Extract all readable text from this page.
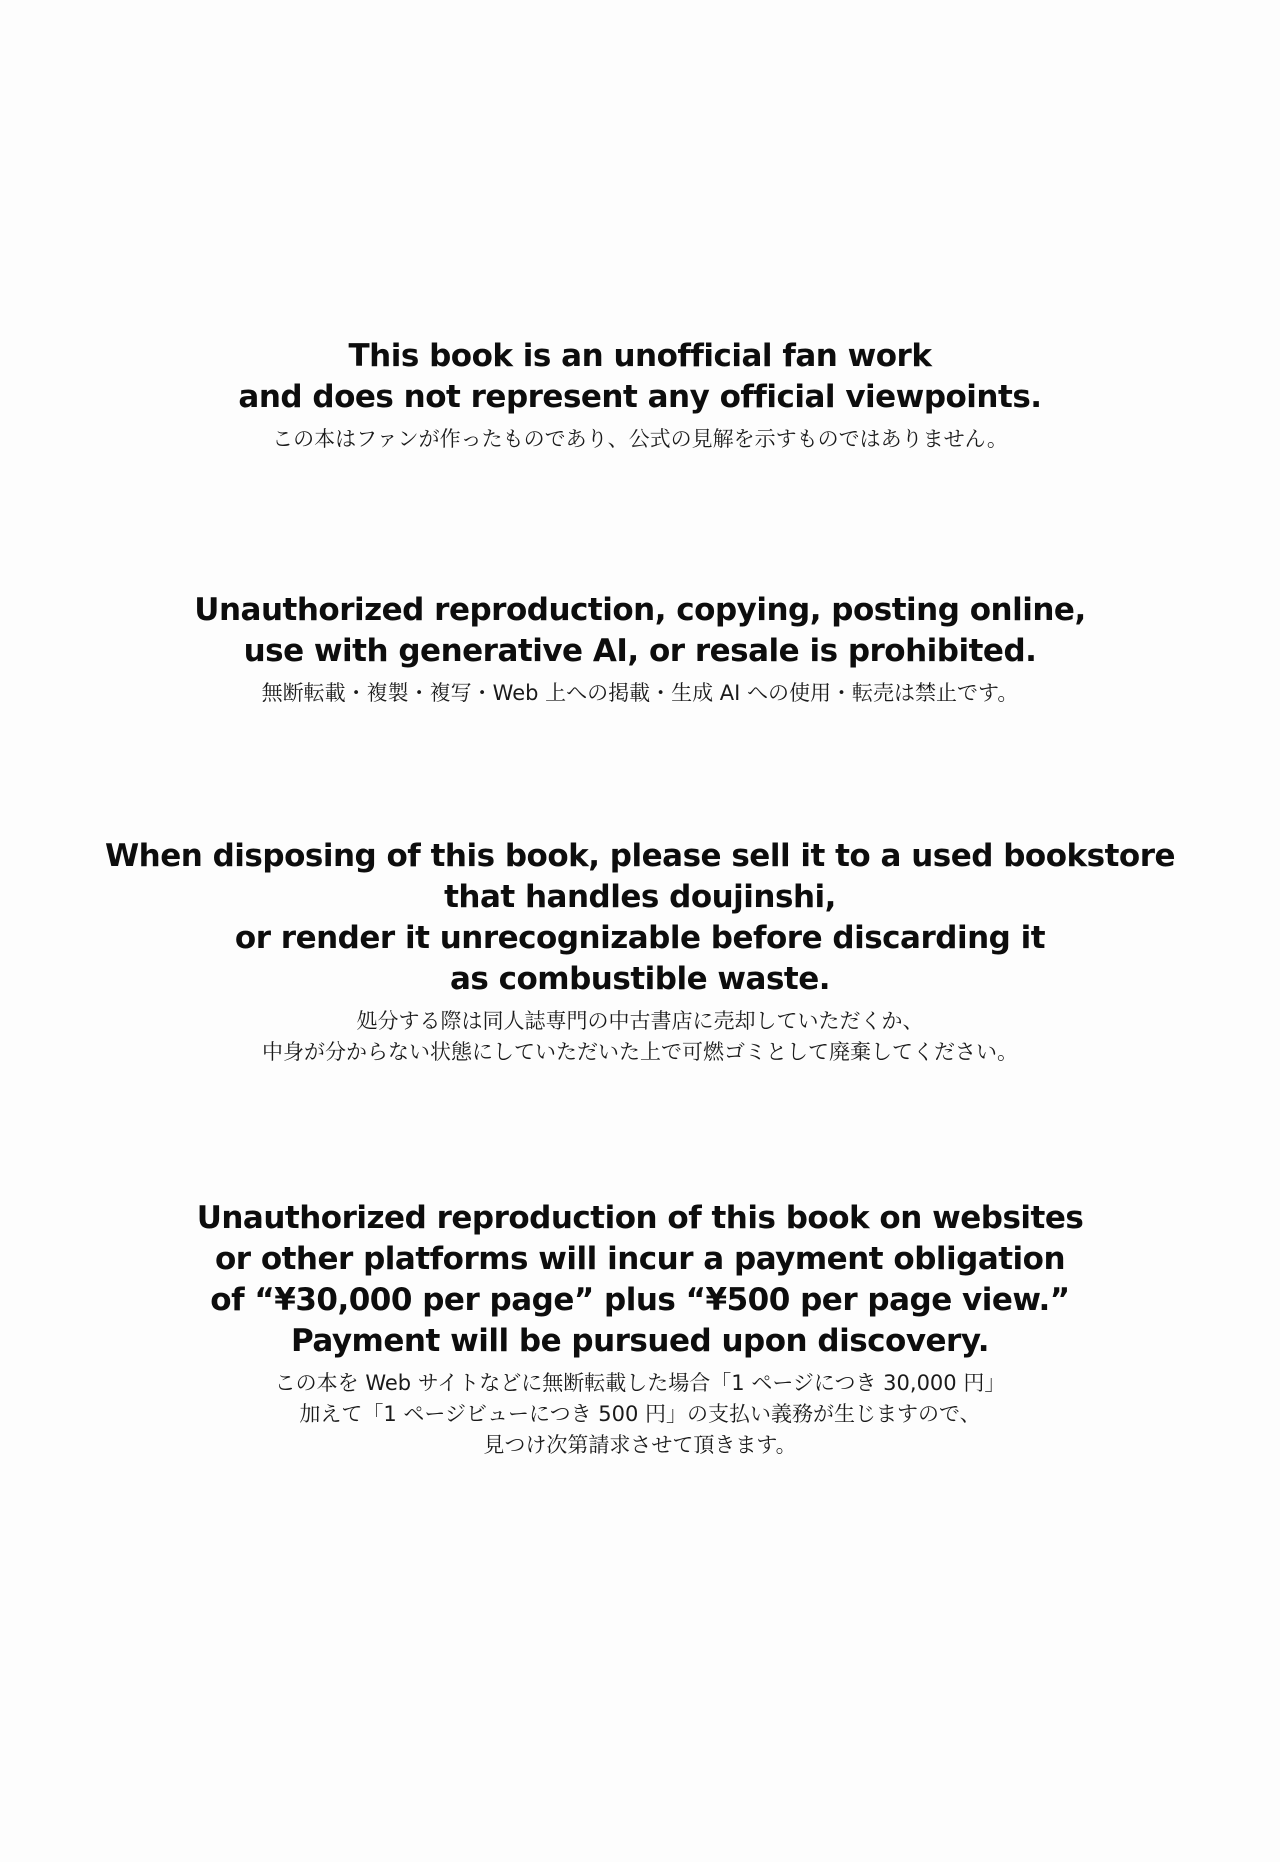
This book is an unofficial fan work
and does not represent any official viewpoints.

この本はファンが作ったものであり、公式の見解を示すものではありません。

Unauthorized reproduction, copying, posting online,
use with generative AI, or resale is prohibited.

無断転載・複製・複写・Web 上への掲載・生成 AI への使用・転売は禁止です。

When disposing of this book, please sell it to a used bookstore
that handles doujinshi,
or render it unrecognizable before discarding it
as combustible waste.

処分する際は同人誌専門の中古書店に売却していただくか、
中身が分からない状態にしていただいた上で可燃ゴミとして廃棄してください。

Unauthorized reproduction of this book on websites
or other platforms will incur a payment obligation
of “¥30,000 per page” plus “¥500 per page view.”
Payment will be pursued upon discovery.

この本を Web サイトなどに無断転載した場合「1 ページにつき 30,000 円」
加えて「1 ページビューにつき 500 円」の支払い義務が生じますので、
見つけ次第請求させて頂きます。
